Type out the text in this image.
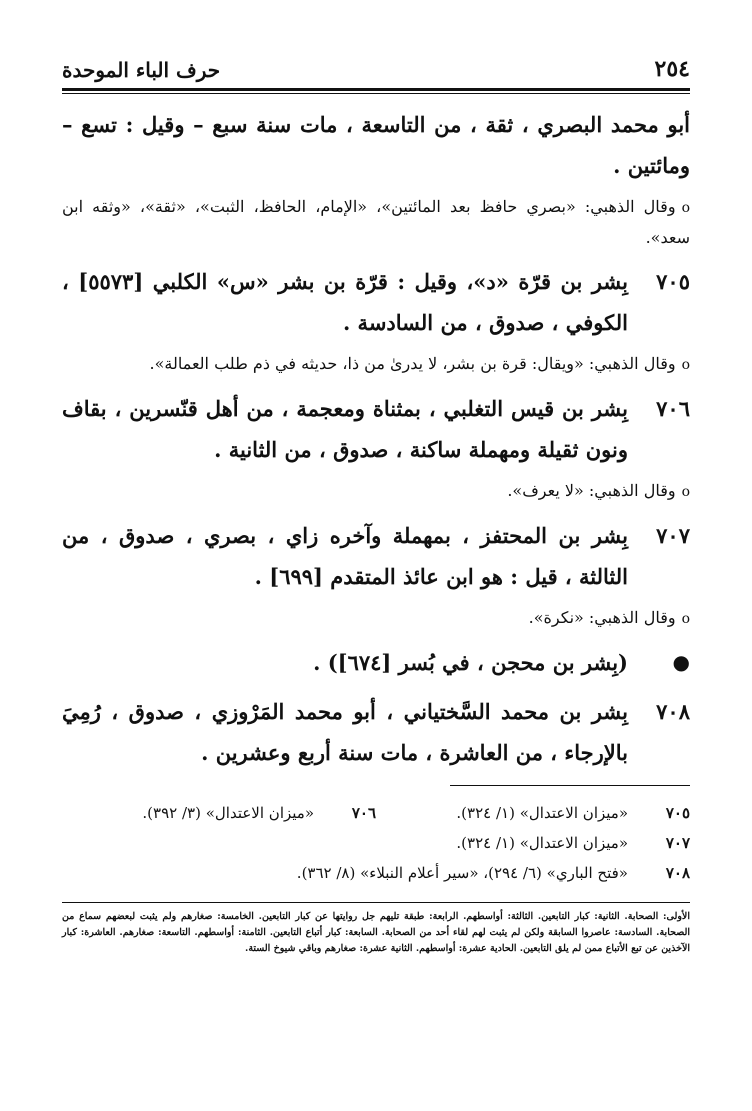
٢٥٤
حرف الباء الموحدة
أبو محمد البصري ، ثقة ، من التاسعة ، مات سنة سبع – وقيل : تسع – ومائتين .
oوقال الذهبي: «بصري حافظ بعد المائتين»، «الإمام، الحافظ، الثبت»، «ثقة»، «وثقه ابن سعد».
٧٠٥
بِشر بن قرّة «د»، وقيل : قرّة بن بشر «س» الكلبي [٥٥٧٣] ، الكوفي ، صدوق ، من السادسة .
oوقال الذهبي: «ويقال: قرة بن بشر، لا يدرىٰ من ذا، حديثه في ذم طلب العمالة».
٧٠٦
بِشر بن قيس التغلبي ، بمثناة ومعجمة ، من أهل قنّسرين ، بقاف ونون ثقيلة ومهملة ساكنة ، صدوق ، من الثانية .
oوقال الذهبي: «لا يعرف».
٧٠٧
بِشر بن المحتفز ، بمهملة وآخره زاي ، بصري ، صدوق ، من الثالثة ، قيل : هو ابن عائذ المتقدم [٦٩٩] .
oوقال الذهبي: «نكرة».
●
(بِشر بن محجن ، في بُسر [٦٧٤]) .
٧٠٨
بِشر بن محمد السَّختياني ، أبو محمد المَرْوزي ، صدوق ، رُمِيَ بالإرجاء ، من العاشرة ، مات سنة أربع وعشرين .
٧٠٥
«ميزان الاعتدال» (١/ ٣٢٤).
٧٠٦
«ميزان الاعتدال» (٣/ ٣٩٢).
٧٠٧
«ميزان الاعتدال» (١/ ٣٢٤).
٧٠٨
«فتح الباري» (٦/ ٢٩٤)، «سير أعلام النبلاء» (٨/ ٣٦٢).
الأولى: الصحابة. الثانية: كبار التابعين. الثالثة: أواسطهم. الرابعة: طبقة تليهم جل روايتها عن كبار التابعين. الخامسة: صغارهم ولم يثبت لبعضهم سماع من الصحابة. السادسة: عاصروا السابقة ولكن لم يثبت لهم لقاء أحد من الصحابة. السابعة: كبار أتباع التابعين. الثامنة: أواسطهم. التاسعة: صغارهم. العاشرة: كبار الآخذين عن تبع الأتباع ممن لم يلق التابعين. الحادية عشرة: أواسطهم. الثانية عشرة: صغارهم وباقي شيوخ الستة.
